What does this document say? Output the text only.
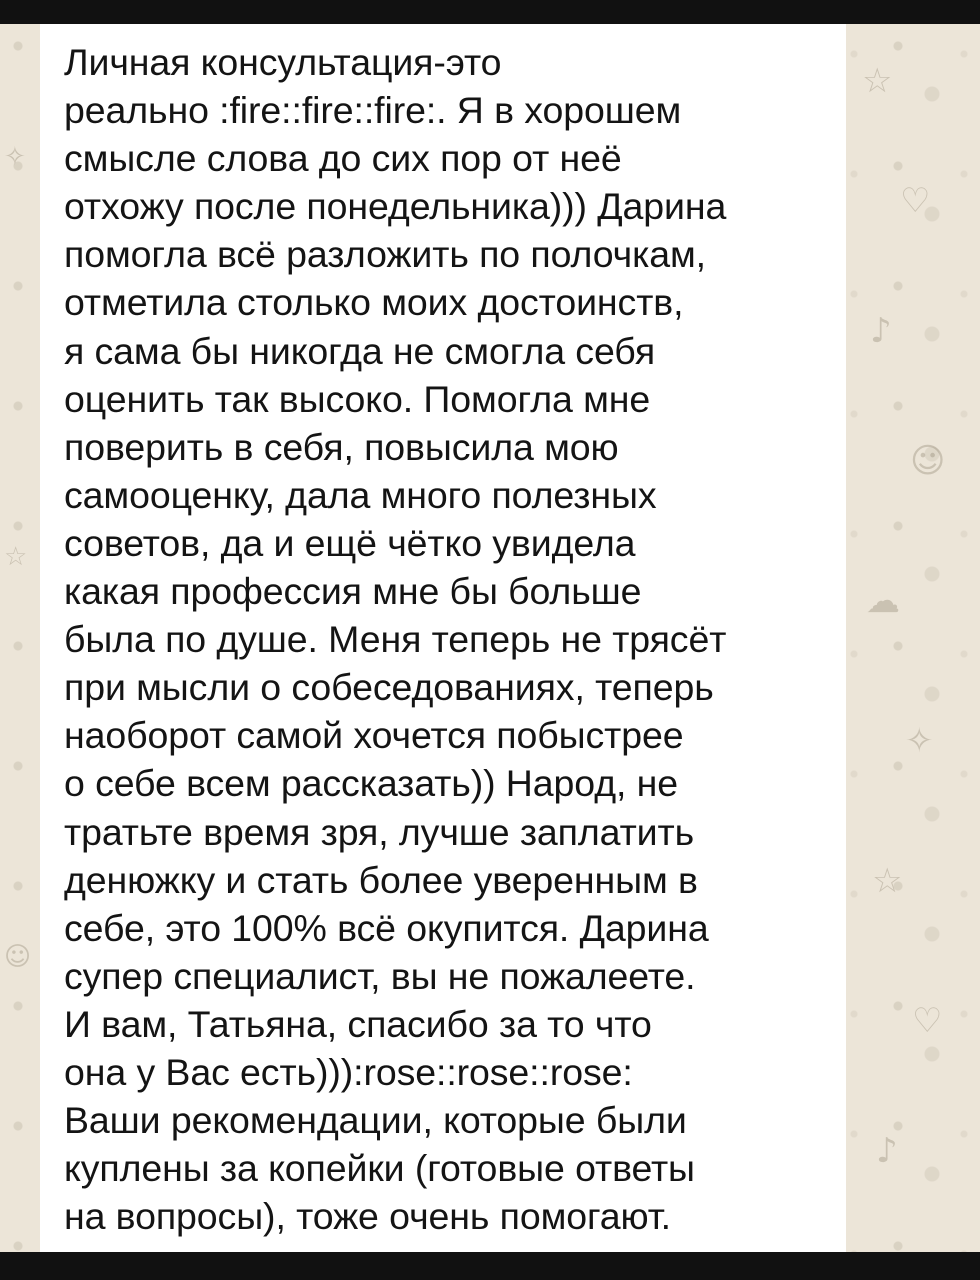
☆
♡
♪
☺
☁
✧
☆
♡
♪
✧
☆
☺

Личная консультация-это
реально :fire::fire::fire:. Я в хорошем
смысле слова до сих пор от неё
отхожу после понедельника))) Дарина
помогла всё разложить по полочкам,
отметила столько моих достоинств,
я сама бы никогда не смогла себя
оценить так высоко. Помогла мне
поверить в себя, повысила мою
самооценку, дала много полезных
советов, да и ещё чётко увидела
какая профессия мне бы больше
была по душе. Меня теперь не трясёт
при мысли о собеседованиях, теперь
наоборот самой хочется побыстрее
о себе всем рассказать)) Народ, не
тратьте время зря, лучше заплатить
денюжку и стать более уверенным в
себе, это 100% всё окупится. Дарина
супер специалист, вы не пожалеете.
И вам, Татьяна, спасибо за то что
она у Вас есть))):rose::rose::rose:
Ваши рекомендации, которые были
куплены за копейки (готовые ответы
на вопросы), тоже очень помогают.
